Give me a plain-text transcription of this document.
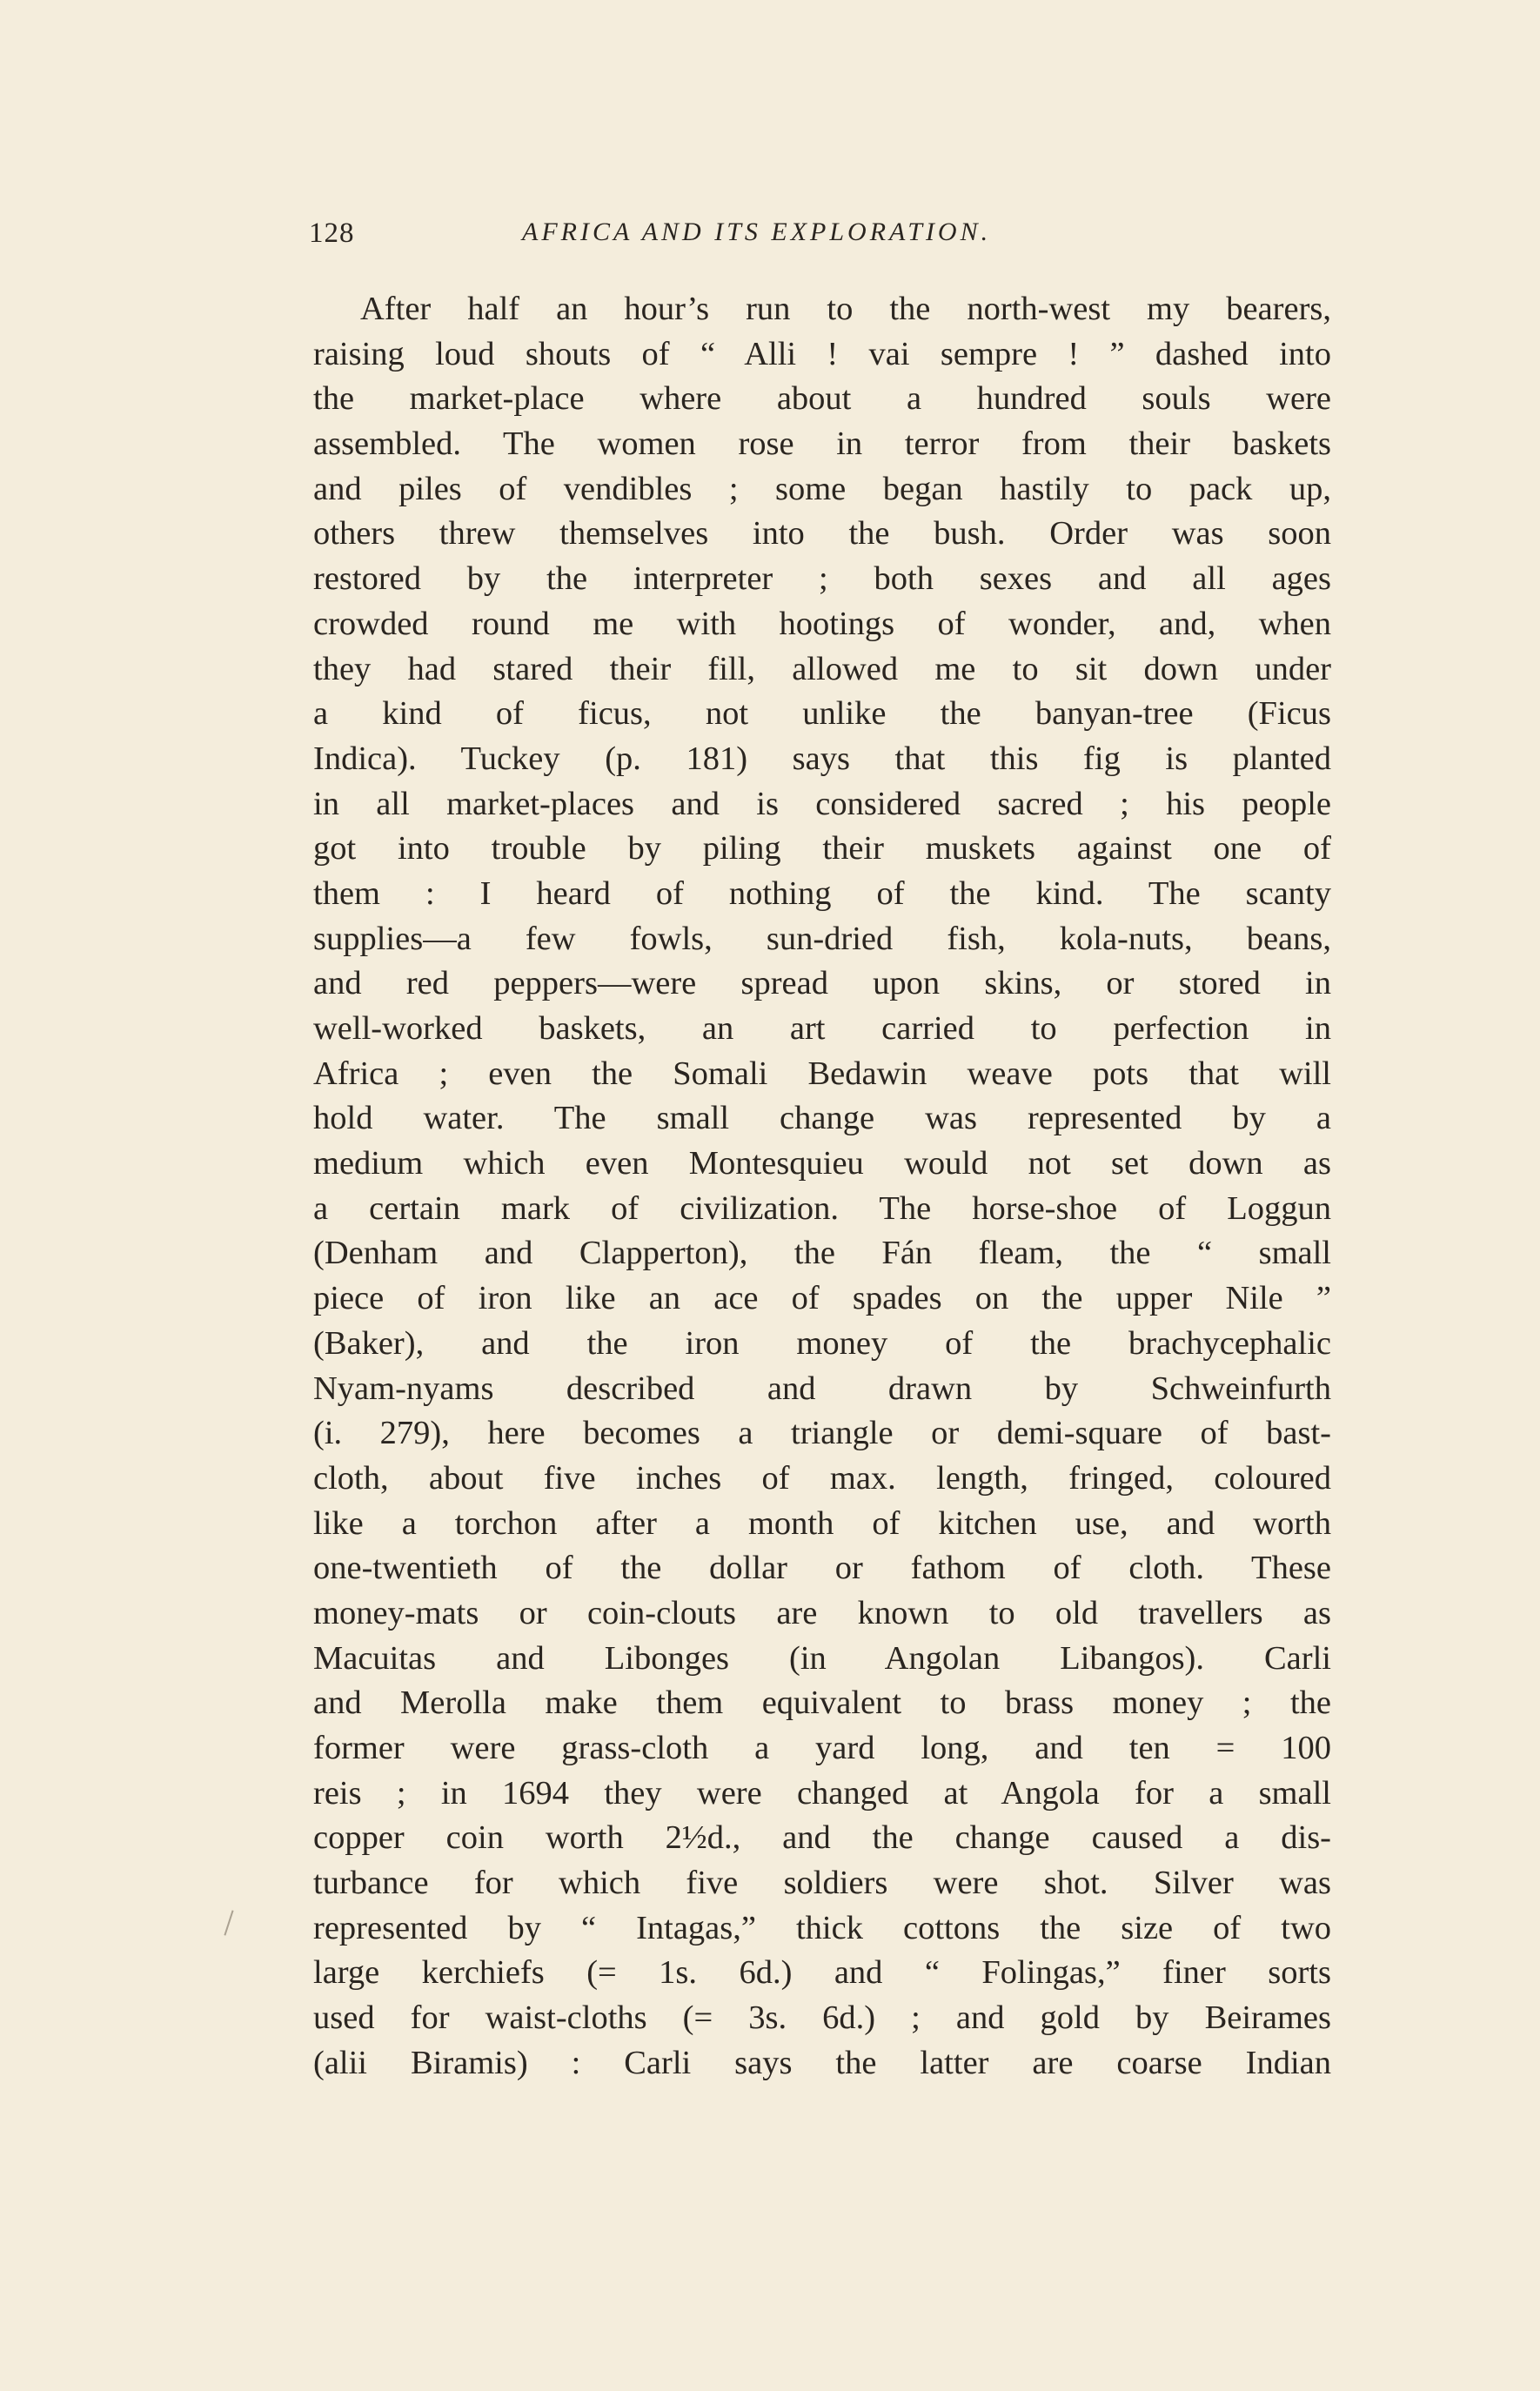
128	AFRICA AND ITS EXPLORATION.
After half an hour’s run to the north-west my bearers,
raising loud shouts of “ Alli ! vai sempre ! ” dashed into
the market-place where about a hundred souls were
assembled. The women rose in terror from their baskets
and piles of vendibles ; some began hastily to pack up,
others threw themselves into the bush. Order was soon
restored by the interpreter ; both sexes and all ages
crowded round me with hootings of wonder, and, when
they had stared their fill, allowed me to sit down under
a kind of ficus, not unlike the banyan-tree (Ficus
Indica). Tuckey (p. 181) says that this fig is planted
in all market-places and is considered sacred ; his people
got into trouble by piling their muskets against one of
them : I heard of nothing of the kind. The scanty
supplies—a few fowls, sun-dried fish, kola-nuts, beans,
and red peppers—were spread upon skins, or stored in
well-worked baskets, an art carried to perfection in
Africa ; even the Somali Bedawin weave pots that will
hold water. The small change was represented by a
medium which even Montesquieu would not set down as
a certain mark of civilization. The horse-shoe of Loggun
(Denham and Clapperton), the Fán fleam, the “ small
piece of iron like an ace of spades on the upper Nile ”
(Baker), and the iron money of the brachycephalic
Nyam-nyams described and drawn by Schweinfurth
(i. 279), here becomes a triangle or demi-square of bast-
cloth, about five inches of max. length, fringed, coloured
like a torchon after a month of kitchen use, and worth
one-twentieth of the dollar or fathom of cloth. These
money-mats or coin-clouts are known to old travellers as
Macuitas and Libonges (in Angolan Libangos). Carli
and Merolla make them equivalent to brass money ; the
former were grass-cloth a yard long, and ten = 100
reis ; in 1694 they were changed at Angola for a small
copper coin worth 2½d., and the change caused a dis-
turbance for which five soldiers were shot. Silver was
represented by “ Intagas,” thick cottons the size of two
large kerchiefs (= 1s. 6d.) and “ Folingas,” finer sorts
used for waist-cloths (= 3s. 6d.) ; and gold by Beirames
(alii Biramis) : Carli says the latter are coarse Indian
